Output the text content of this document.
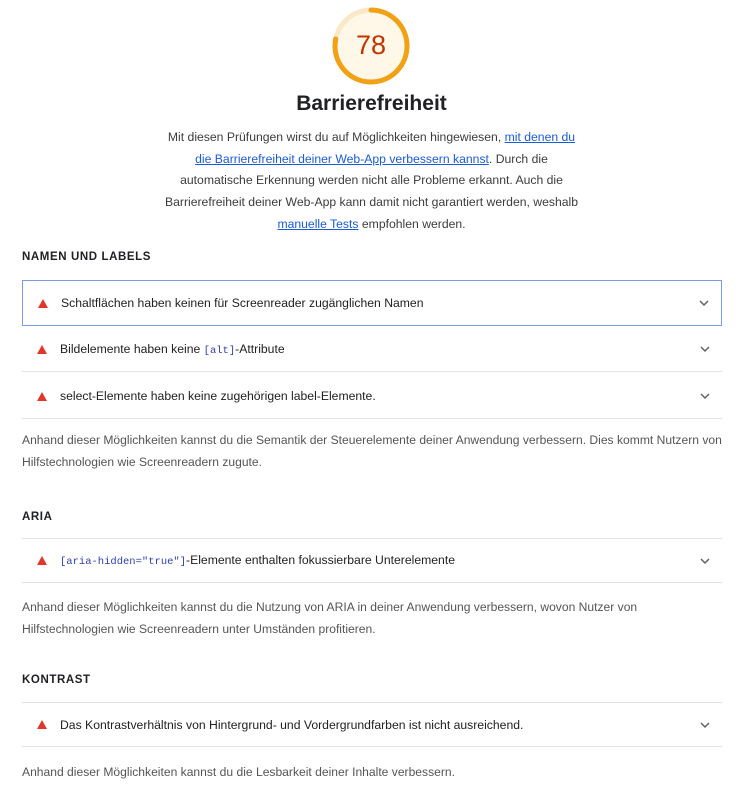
78
Barrierefreiheit
Mit diesen Prüfungen wirst du auf Möglichkeiten hingewiesen, mit denen du die Barrierefreiheit deiner Web-App verbessern kannst. Durch die automatische Erkennung werden nicht alle Probleme erkannt. Auch die Barrierefreiheit deiner Web-App kann damit nicht garantiert werden, weshalb manuelle Tests empfohlen werden.
NAMEN UND LABELS
Schaltflächen haben keinen für Screenreader zugänglichen Namen
Bildelemente haben keine [alt]-Attribute
select-Elemente haben keine zugehörigen label-Elemente.
Anhand dieser Möglichkeiten kannst du die Semantik der Steuerelemente deiner Anwendung verbessern. Dies kommt Nutzern von Hilfstechnologien wie Screenreadern zugute.
ARIA
[aria-hidden="true"]-Elemente enthalten fokussierbare Unterelemente
Anhand dieser Möglichkeiten kannst du die Nutzung von ARIA in deiner Anwendung verbessern, wovon Nutzer von Hilfstechnologien wie Screenreadern unter Umständen profitieren.
KONTRAST
Das Kontrastverhältnis von Hintergrund- und Vordergrundfarben ist nicht ausreichend.
Anhand dieser Möglichkeiten kannst du die Lesbarkeit deiner Inhalte verbessern.
